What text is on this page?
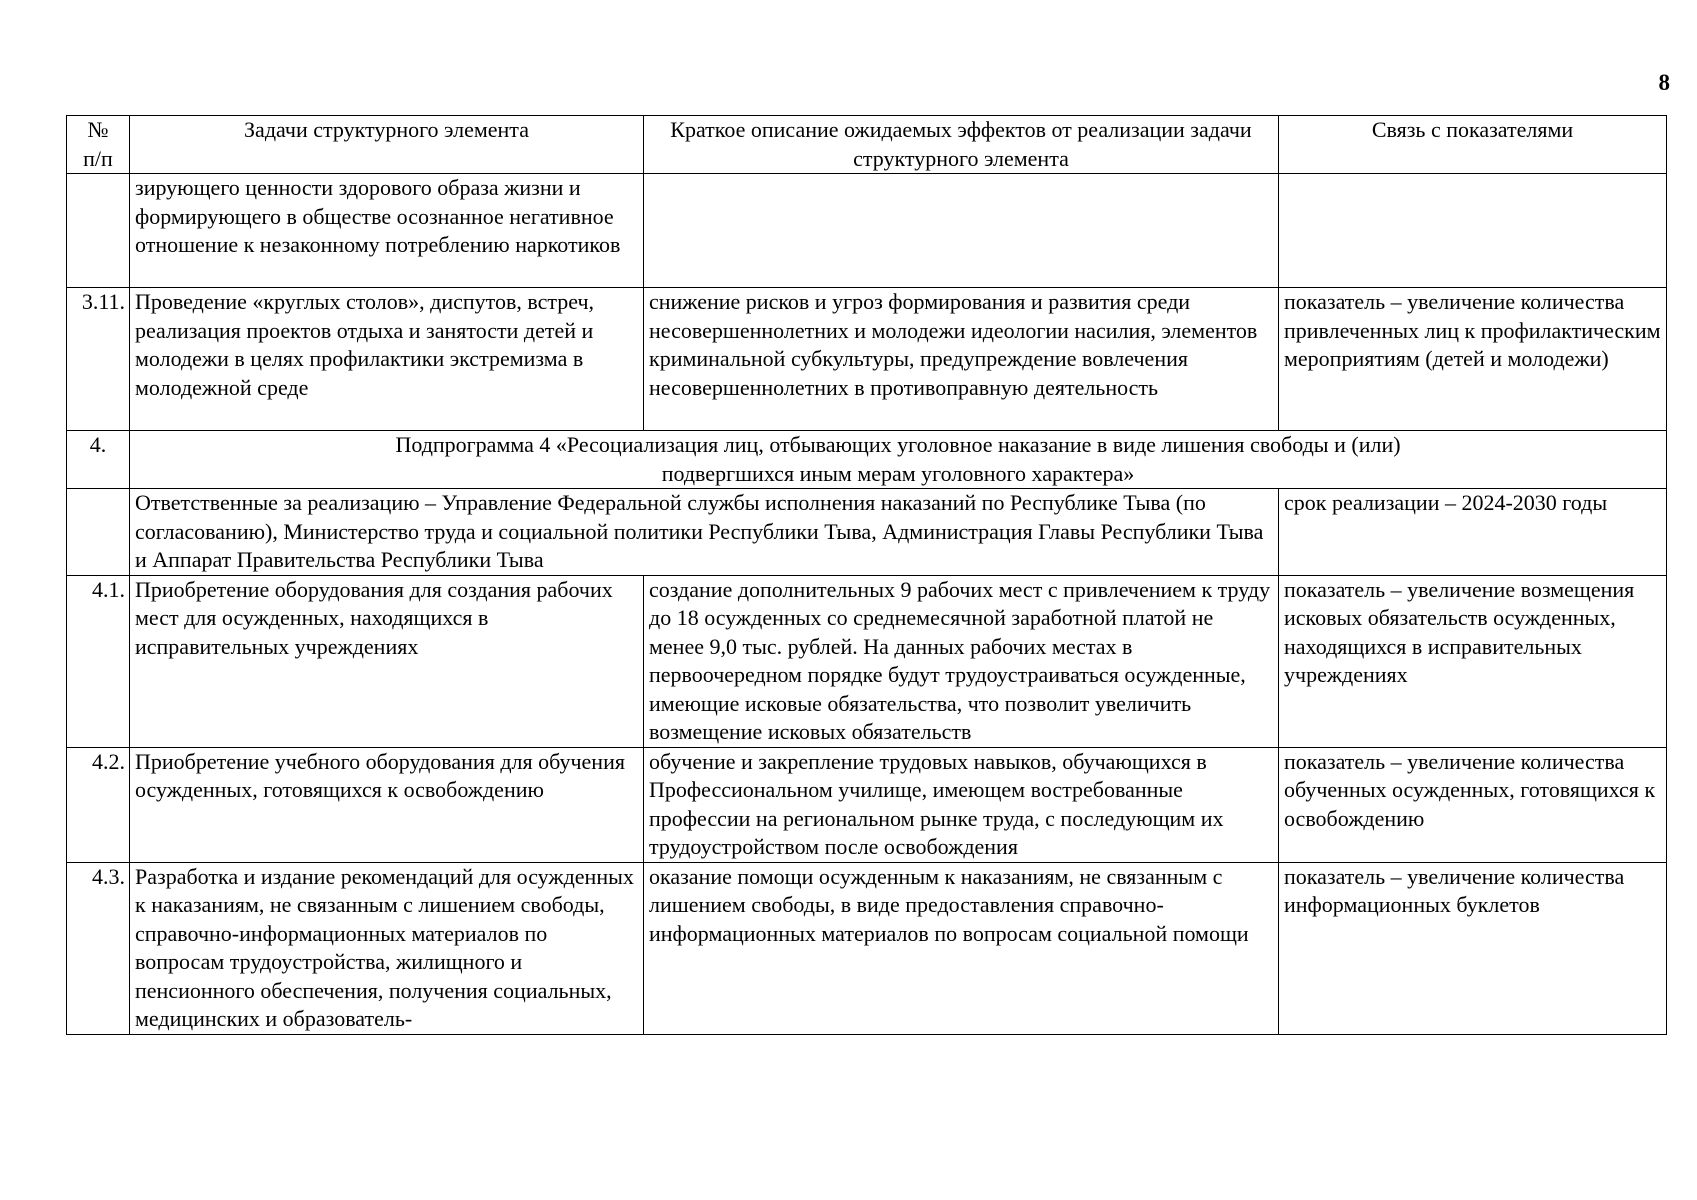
8
№
п/п	Задачи структурного элемента	Краткое описание ожидаемых эффектов от реализации задачи структурного элемента	Связь с показателями
	зирующего ценности здорового образа жизни и формирующего в обществе осознанное негативное отношение к незаконному потреблению наркотиков		
3.11.	Проведение «круглых столов», диспутов, встреч, реализация проектов отдыха и занятости детей и молодежи в целях профилактики экстремизма в молодежной среде	снижение рисков и угроз формирования и развития среди несовершеннолетних и молодежи идеологии насилия, элементов криминальной субкультуры, предупреждение вовлечения несовершеннолетних в противоправную деятельность	показатель – увеличение количества привлеченных лиц к профилактическим мероприятиям (детей и молодежи)
4.	Подпрограмма 4 «Ресоциализация лиц, отбывающих уголовное наказание в виде лишения свободы и (или) подвергшихся иным мерам уголовного характера»		
	Ответственные за реализацию – Управление Федеральной службы исполнения наказаний по Республике Тыва (по согласованию), Министерство труда и социальной политики Республики Тыва, Администрация Главы Республики Тыва и Аппарат Правительства Республики Тыва		срок реализации – 2024-2030 годы
4.1.	Приобретение оборудования для создания рабочих мест для осужденных, находящихся в исправительных учреждениях	создание дополнительных 9 рабочих мест с привлечением к труду до 18 осужденных со среднемесячной заработной платой не менее 9,0 тыс. рублей. На данных рабочих местах в первоочередном порядке будут трудоустраиваться осужденные, имеющие исковые обязательства, что позволит увеличить возмещение исковых обязательств	показатель – увеличение возмещения исковых обязательств осужденных, находящихся в исправительных учреждениях
4.2.	Приобретение учебного оборудования для обучения осужденных, готовящихся к освобождению	обучение и закрепление трудовых навыков, обучающихся в Профессиональном училище, имеющем востребованные профессии на региональном рынке труда, с последующим их трудоустройством после освобождения	показатель – увеличение количества обученных осужденных, готовящихся к освобождению
4.3.	Разработка и издание рекомендаций для осужденных к наказаниям, не связанным с лишением свободы, справочно-информационных материалов по вопросам трудоустройства, жилищного и пенсионного обеспечения, получения социальных, медицинских и образователь-	оказание помощи осужденным к наказаниям, не связанным с лишением свободы, в виде предоставления справочно-информационных материалов по вопросам социальной помощи	показатель – увеличение количества информационных буклетов
